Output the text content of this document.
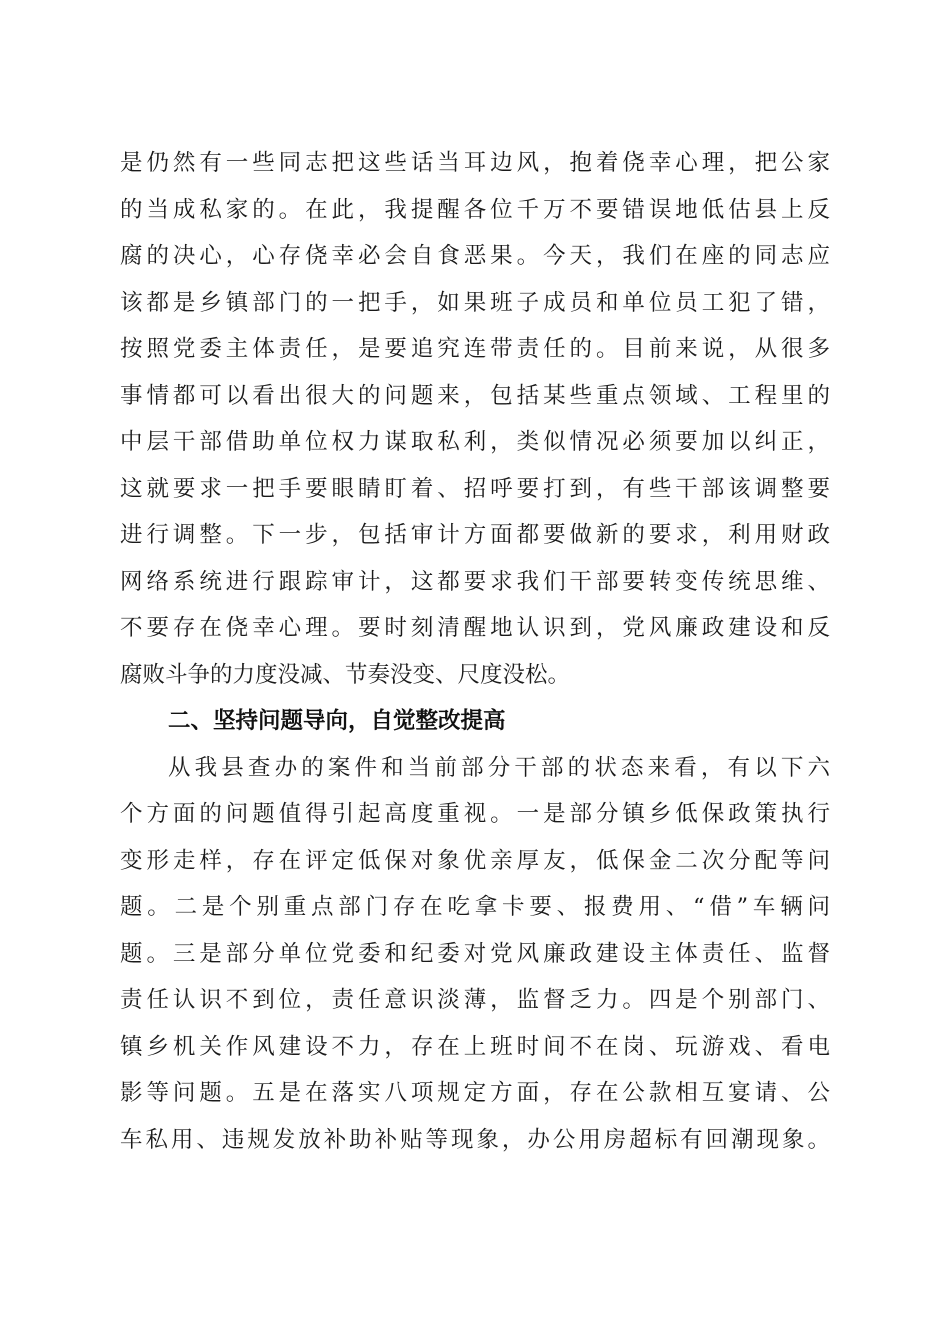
是仍然有一些同志把这些话当耳边风，抱着侥幸心理，把公家
的当成私家的。在此，我提醒各位千万不要错误地低估县上反
腐的决心，心存侥幸必会自食恶果。今天，我们在座的同志应
该都是乡镇部门的一把手，如果班子成员和单位员工犯了错，
按照党委主体责任，是要追究连带责任的。目前来说，从很多
事情都可以看出很大的问题来，包括某些重点领域、工程里的
中层干部借助单位权力谋取私利，类似情况必须要加以纠正，
这就要求一把手要眼睛盯着、招呼要打到，有些干部该调整要
进行调整。下一步，包括审计方面都要做新的要求，利用财政
网络系统进行跟踪审计，这都要求我们干部要转变传统思维、
不要存在侥幸心理。要时刻清醒地认识到，党风廉政建设和反
腐败斗争的力度没减、节奏没变、尺度没松。
二、坚持问题导向，自觉整改提高
从我县查办的案件和当前部分干部的状态来看，有以下六
个方面的问题值得引起高度重视。一是部分镇乡低保政策执行
变形走样，存在评定低保对象优亲厚友，低保金二次分配等问
题。二是个别重点部门存在吃拿卡要、报费用、“借”车辆问
题。三是部分单位党委和纪委对党风廉政建设主体责任、监督
责任认识不到位，责任意识淡薄，监督乏力。四是个别部门、
镇乡机关作风建设不力，存在上班时间不在岗、玩游戏、看电
影等问题。五是在落实八项规定方面，存在公款相互宴请、公
车私用、违规发放补助补贴等现象，办公用房超标有回潮现象。
